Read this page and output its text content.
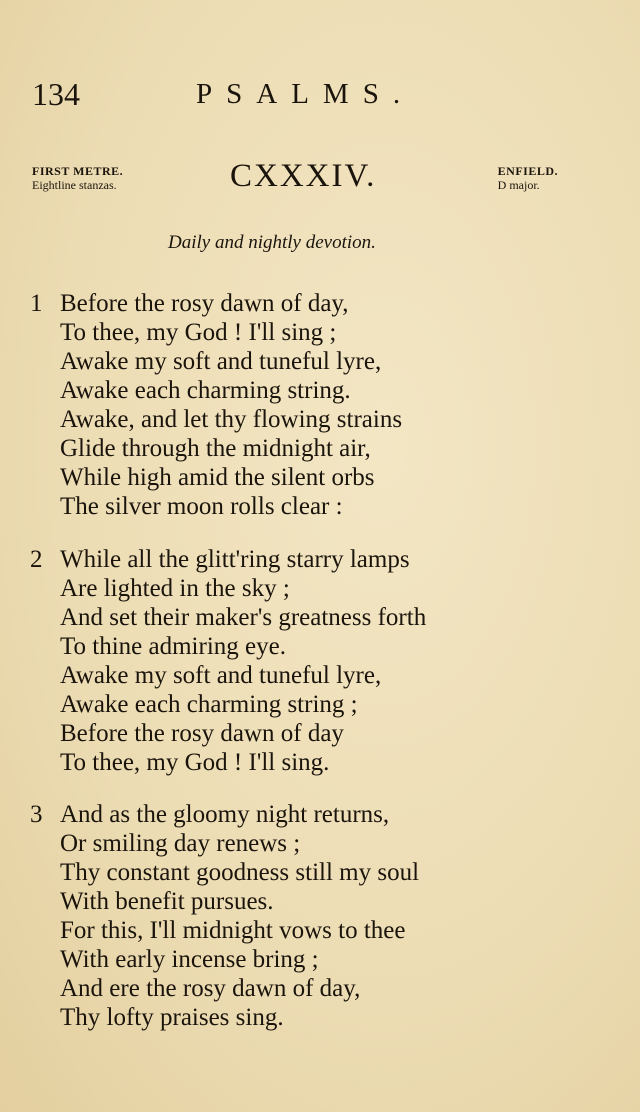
134	PSALMS.
FIRST METRE.
Eightline stanzas.	CXXXIV.	ENFIELD.
D major.
Daily and nightly devotion.
1 Before the rosy dawn of day,
To thee, my God ! I'll sing ;
Awake my soft and tuneful lyre,
Awake each charming string.
Awake, and let thy flowing strains
Glide through the midnight air,
While high amid the silent orbs
The silver moon rolls clear :
2 While all the glitt'ring starry lamps
Are lighted in the sky ;
And set their maker's greatness forth
To thine admiring eye.
Awake my soft and tuneful lyre,
Awake each charming string ;
Before the rosy dawn of day
To thee, my God ! I'll sing.
3 And as the gloomy night returns,
Or smiling day renews ;
Thy constant goodness still my soul
With benefit pursues.
For this, I'll midnight vows to thee
With early incense bring ;
And ere the rosy dawn of day,
Thy lofty praises sing.
